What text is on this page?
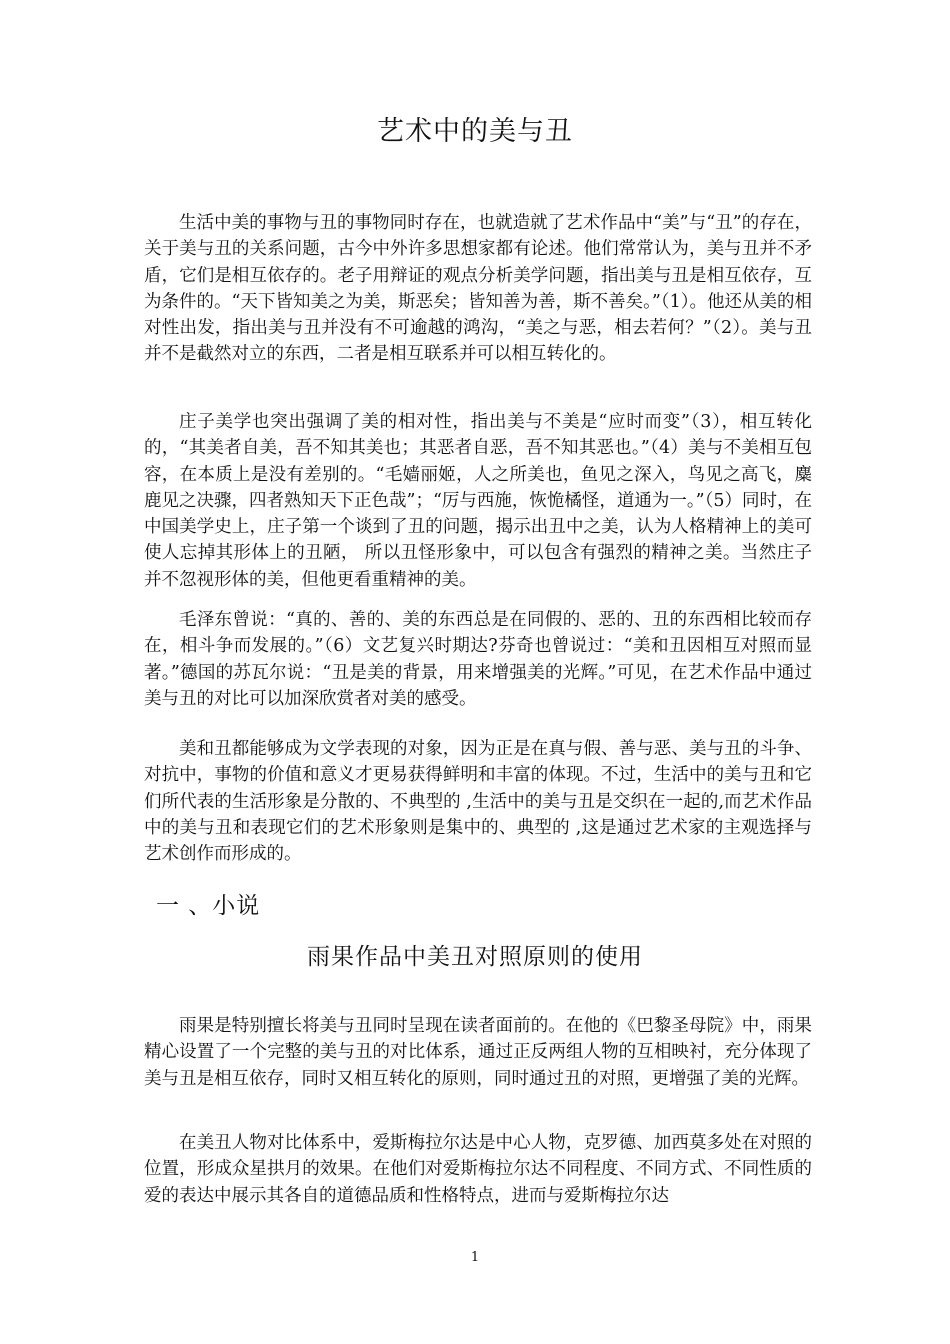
艺术中的美与丑

生活中美的事物与丑的事物同时存在，也就造就了艺术作品中“美”与“丑”的存在，关于美与丑的关系问题，古今中外许多思想家都有论述。他们常常认为，美与丑并不矛盾，它们是相互依存的。老子用辩证的观点分析美学问题，指出美与丑是相互依存，互为条件的。“天下皆知美之为美，斯恶矣；皆知善为善，斯不善矣。”（1）。他还从美的相对性出发，指出美与丑并没有不可逾越的鸿沟，“美之与恶，相去若何？”（2）。美与丑并不是截然对立的东西，二者是相互联系并可以相互转化的。

庄子美学也突出强调了美的相对性，指出美与不美是“应时而变”（3），相互转化的，“其美者自美，吾不知其美也；其恶者自恶，吾不知其恶也。”（4）美与不美相互包容，在本质上是没有差别的。“毛嫱丽姬，人之所美也，鱼见之深入，鸟见之高飞，麋鹿见之决骤，四者熟知天下正色哉”；“厉与西施，恢恑橘怪，道通为一。”（5）同时，在中国美学史上，庄子第一个谈到了丑的问题，揭示出丑中之美，认为人格精神上的美可使人忘掉其形体上的丑陋， 所以丑怪形象中，可以包含有强烈的精神之美。当然庄子并不忽视形体的美，但他更看重精神的美。

毛泽东曾说：“真的、善的、美的东西总是在同假的、恶的、丑的东西相比较而存在，相斗争而发展的。”（6）文艺复兴时期达?芬奇也曾说过：“美和丑因相互对照而显著。”德国的苏瓦尔说：“丑是美的背景，用来增强美的光辉。”可见，在艺术作品中通过美与丑的对比可以加深欣赏者对美的感受。

美和丑都能够成为文学表现的对象，因为正是在真与假、善与恶、美与丑的斗争、对抗中，事物的价值和意义才更易获得鲜明和丰富的体现。不过，生活中的美与丑和它们所代表的生活形象是分散的、不典型的 ,生活中的美与丑是交织在一起的,而艺术作品中的美与丑和表现它们的艺术形象则是集中的、典型的 ,这是通过艺术家的主观选择与艺术创作而形成的。

一 、小说
雨果作品中美丑对照原则的使用

雨果是特别擅长将美与丑同时呈现在读者面前的。在他的《巴黎圣母院》中，雨果精心设置了一个完整的美与丑的对比体系，通过正反两组人物的互相映衬，充分体现了美与丑是相互依存，同时又相互转化的原则，同时通过丑的对照，更增强了美的光辉。

在美丑人物对比体系中，爱斯梅拉尔达是中心人物，克罗德、加西莫多处在对照的位置，形成众星拱月的效果。在他们对爱斯梅拉尔达不同程度、不同方式、不同性质的爱的表达中展示其各自的道德品质和性格特点，进而与爱斯梅拉尔达

1
